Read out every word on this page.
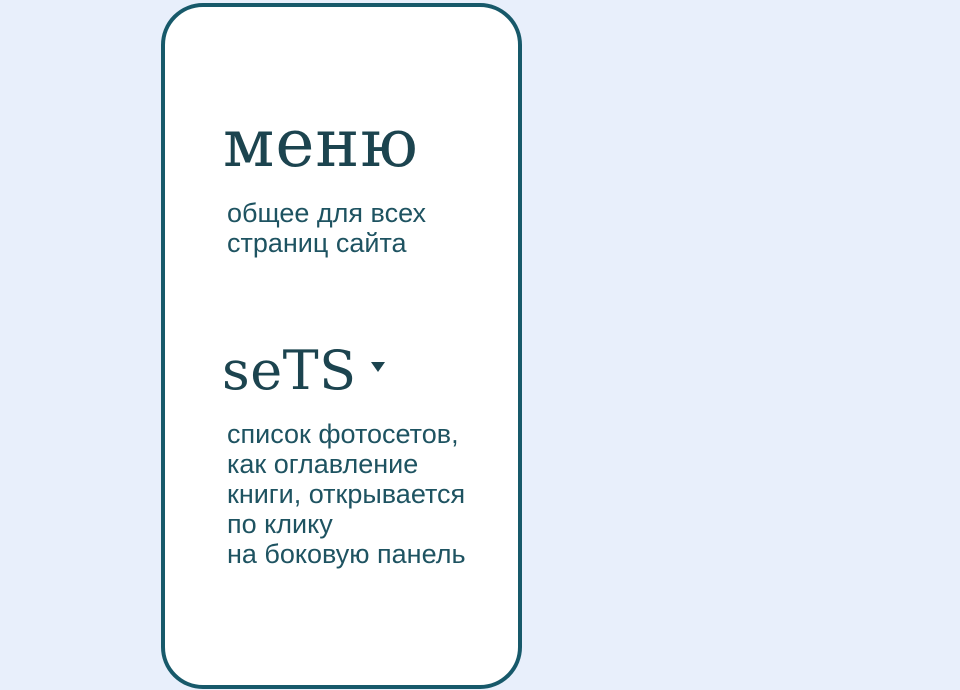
меню
общее для всех
страниц сайта
seTS
список фотосетов,
как оглавление
книги, открывается
по клику
на боковую панель
